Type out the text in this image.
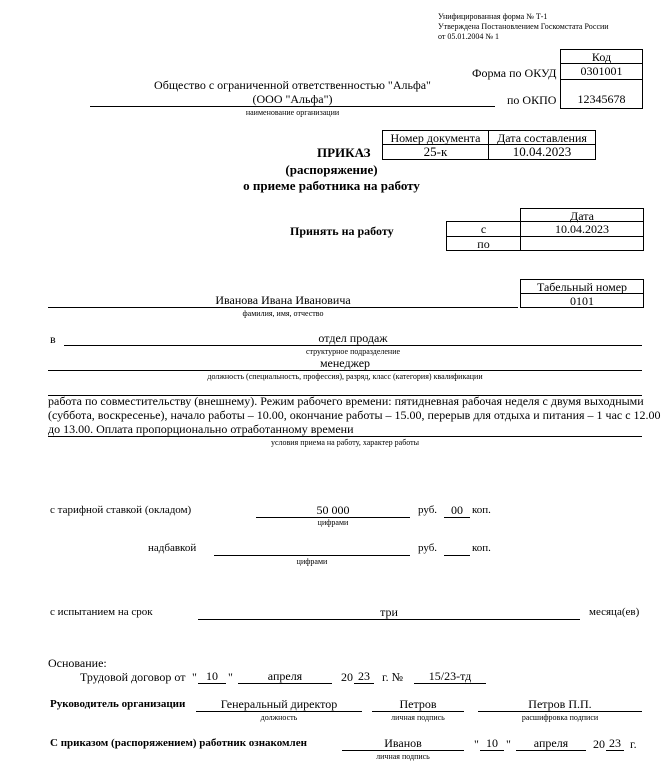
Унифицированная форма № Т-1
Утверждена Постановлением Госкомстата России
от 05.01.2004 № 1
Код
Форма по ОКУД	0301001
по ОКПО	12345678
Общество с ограниченной ответственностью "Альфа"
(ООО "Альфа")
наименование организации
Номер документа	Дата составления
25-к	10.04.2023
ПРИКАЗ
(распоряжение)
о приеме работника на работу
Принять на работу
Дата
с	10.04.2023
по
Табельный номер
0101
Иванова Ивана Ивановича
фамилия, имя, отчество
в	отдел продаж
структурное подразделение
менеджер
должность (специальность, профессия), разряд, класс (категория) квалификации
работа по совместительству (внешнему). Режим рабочего времени: пятидневная рабочая неделя с двумя выходными
(суббота, воскресенье), начало работы – 10.00, окончание работы – 15.00, перерыв для отдыха и питания – 1 час с 12.00
до 13.00. Оплата пропорционально отработанному времени
условия приема на работу, характер работы
с тарифной ставкой (окладом)	50 000
цифрами
руб.	00 коп.
надбавкой
цифрами
руб.	коп.
с испытанием на срок	три	месяца(ев)
Основание:
Трудовой договор от " 10 "	апреля	20 23	г. №	15/23-тд
Руководитель организации	Генеральный директор
должность
Петров
личная подпись
Петров П.П.
расшифровка подписи
С приказом (распоряжением) работник ознакомлен	Иванов
личная подпись
" 10 "	апреля	20 23 г.
